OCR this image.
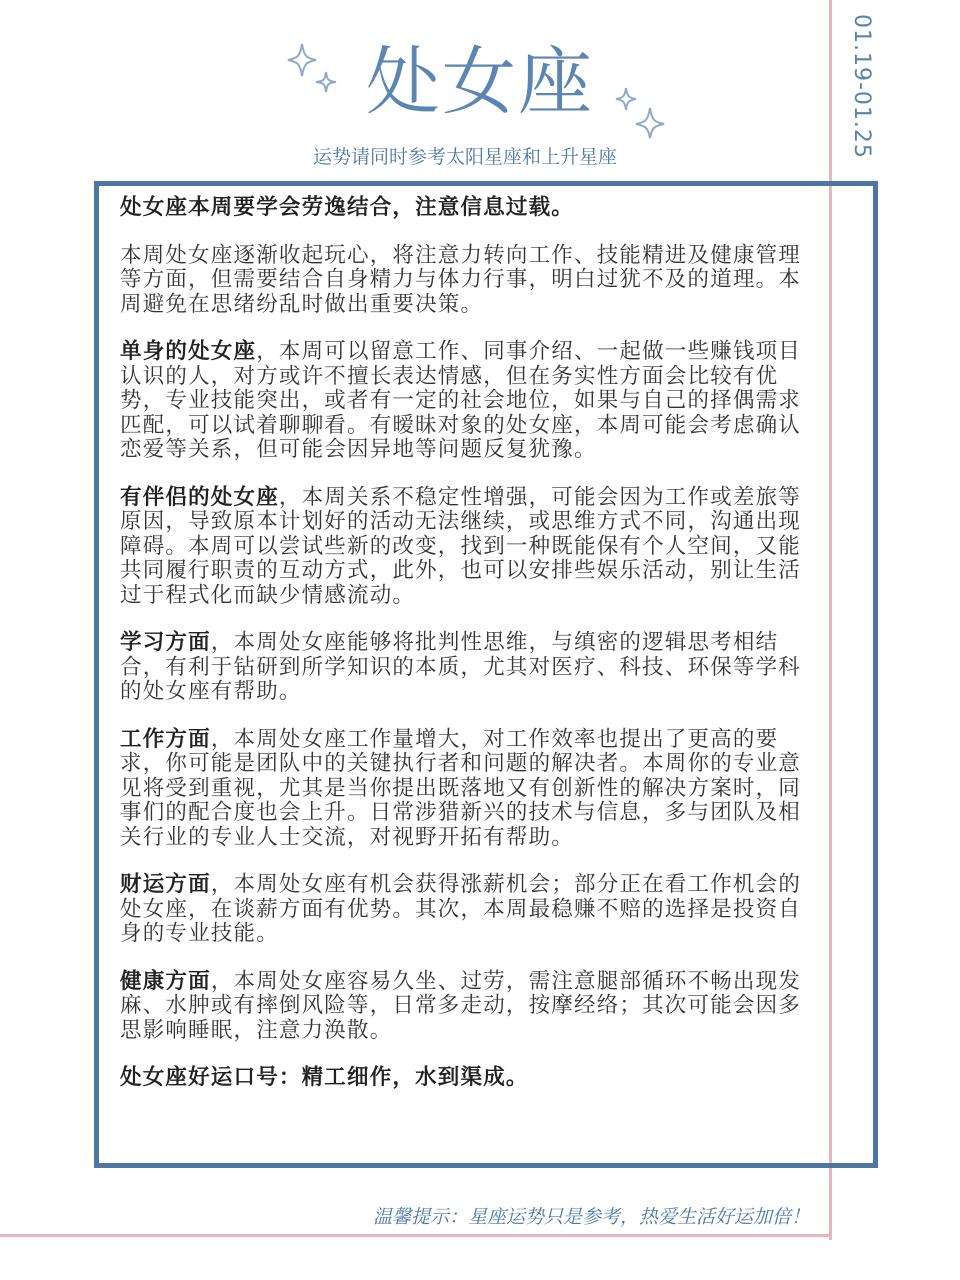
01.19-01.25
处女座
运势请同时参考太阳星座和上升星座

处女座本周要学会劳逸结合，注意信息过载。

本周处女座逐渐收起玩心，将注意力转向工作、技能精进及健康管理等方面，但需要结合自身精力与体力行事，明白过犹不及的道理。本周避免在思绪纷乱时做出重要决策。

单身的处女座，本周可以留意工作、同事介绍、一起做一些赚钱项目认识的人，对方或许不擅长表达情感，但在务实性方面会比较有优势，专业技能突出，或者有一定的社会地位，如果与自己的择偶需求匹配，可以试着聊聊看。有暧昧对象的处女座，本周可能会考虑确认恋爱等关系，但可能会因异地等问题反复犹豫。

有伴侣的处女座，本周关系不稳定性增强，可能会因为工作或差旅等原因，导致原本计划好的活动无法继续，或思维方式不同，沟通出现障碍。本周可以尝试些新的改变，找到一种既能保有个人空间，又能共同履行职责的互动方式，此外，也可以安排些娱乐活动，别让生活过于程式化而缺少情感流动。

学习方面，本周处女座能够将批判性思维，与缜密的逻辑思考相结合，有利于钻研到所学知识的本质，尤其对医疗、科技、环保等学科的处女座有帮助。

工作方面，本周处女座工作量增大，对工作效率也提出了更高的要求，你可能是团队中的关键执行者和问题的解决者。本周你的专业意见将受到重视，尤其是当你提出既落地又有创新性的解决方案时，同事们的配合度也会上升。日常涉猎新兴的技术与信息，多与团队及相关行业的专业人士交流，对视野开拓有帮助。

财运方面，本周处女座有机会获得涨薪机会；部分正在看工作机会的处女座，在谈薪方面有优势。其次，本周最稳赚不赔的选择是投资自身的专业技能。

健康方面，本周处女座容易久坐、过劳，需注意腿部循环不畅出现发麻、水肿或有摔倒风险等，日常多走动，按摩经络；其次可能会因多思影响睡眠，注意力涣散。

处女座好运口号：精工细作，水到渠成。

温馨提示：星座运势只是参考，热爱生活好运加倍！
